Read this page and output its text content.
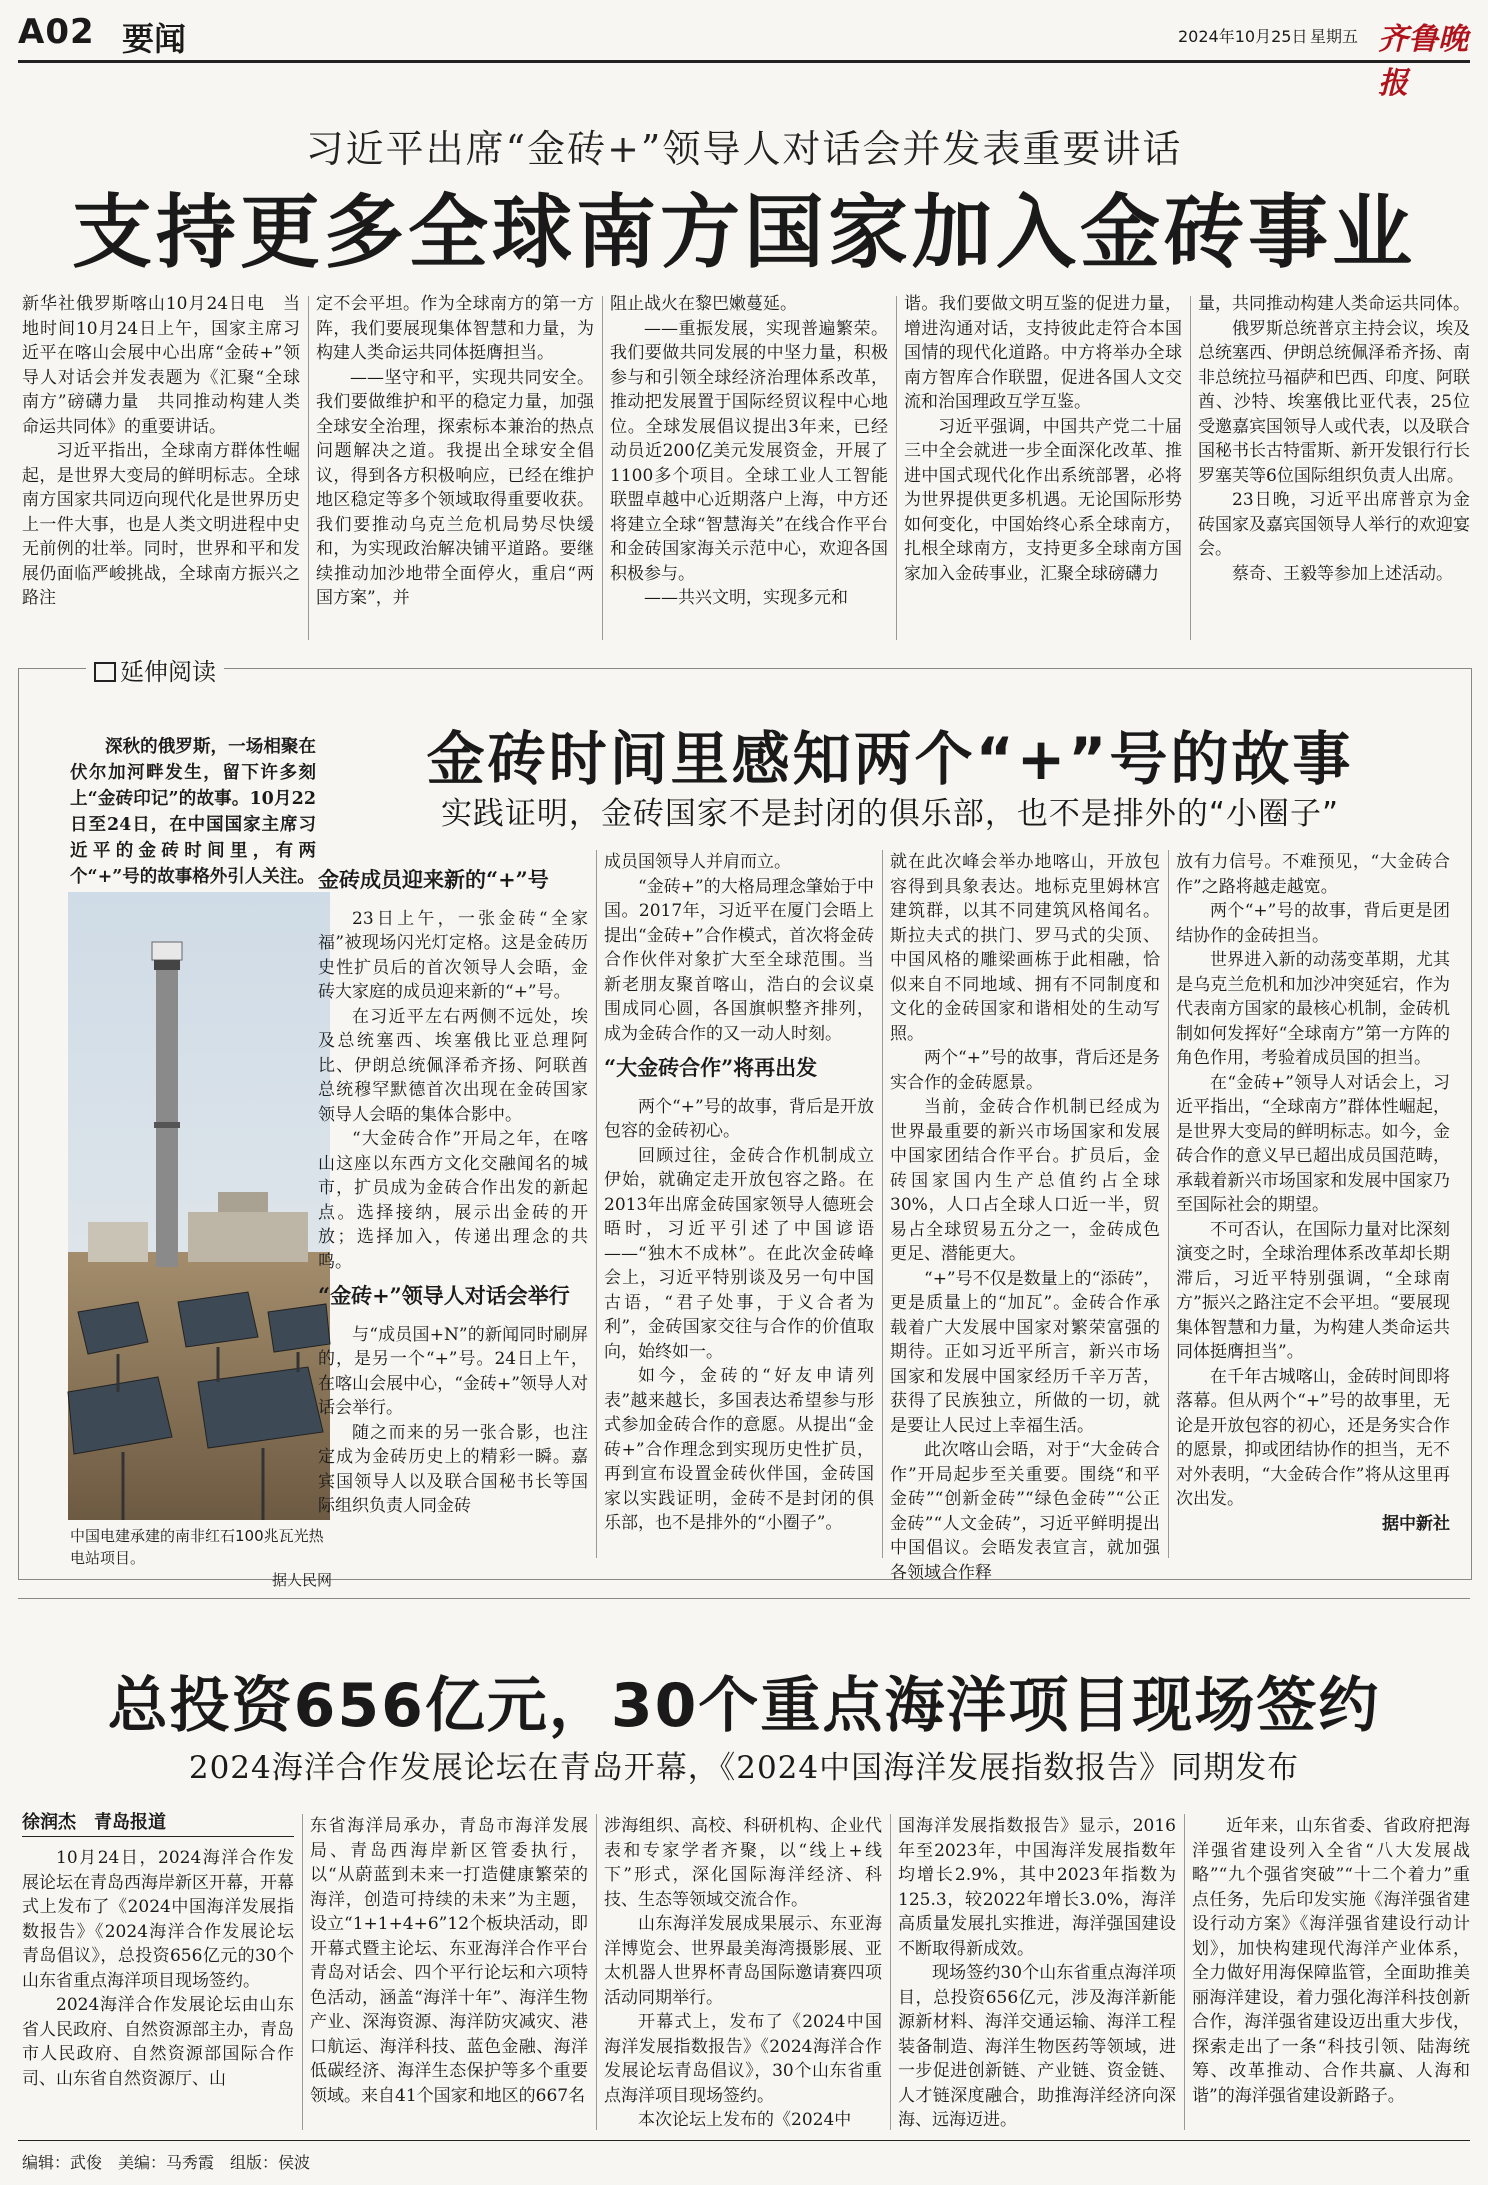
A02 要闻	2024年10月25日 星期五 齐鲁晚报
习近平出席“金砖+”领导人对话会并发表重要讲话
支持更多全球南方国家加入金砖事业

新华社俄罗斯喀山10月24日电　当地时间10月24日上午，国家主席习近平在喀山会展中心出席“金砖+”领导人对话会并发表题为《汇聚“全球南方”磅礴力量　共同推动构建人类命运共同体》的重要讲话。

习近平指出，全球南方群体性崛起，是世界大变局的鲜明标志。全球南方国家共同迈向现代化是世界历史上一件大事，也是人类文明进程中史无前例的壮举。同时，世界和平和发展仍面临严峻挑战，全球南方振兴之路注

定不会平坦。作为全球南方的第一方阵，我们要展现集体智慧和力量，为构建人类命运共同体挺膺担当。

——坚守和平，实现共同安全。我们要做维护和平的稳定力量，加强全球安全治理，探索标本兼治的热点问题解决之道。我提出全球安全倡议，得到各方积极响应，已经在维护地区稳定等多个领域取得重要收获。我们要推动乌克兰危机局势尽快缓和，为实现政治解决铺平道路。要继续推动加沙地带全面停火，重启“两国方案”，并

阻止战火在黎巴嫩蔓延。

——重振发展，实现普遍繁荣。我们要做共同发展的中坚力量，积极参与和引领全球经济治理体系改革，推动把发展置于国际经贸议程中心地位。全球发展倡议提出3年来，已经动员近200亿美元发展资金，开展了1100多个项目。全球工业人工智能联盟卓越中心近期落户上海，中方还将建立全球“智慧海关”在线合作平台和金砖国家海关示范中心，欢迎各国积极参与。

——共兴文明，实现多元和

谐。我们要做文明互鉴的促进力量，增进沟通对话，支持彼此走符合本国国情的现代化道路。中方将举办全球南方智库合作联盟，促进各国人文交流和治国理政互学互鉴。

习近平强调，中国共产党二十届三中全会就进一步全面深化改革、推进中国式现代化作出系统部署，必将为世界提供更多机遇。无论国际形势如何变化，中国始终心系全球南方，扎根全球南方，支持更多全球南方国家加入金砖事业，汇聚全球磅礴力

量，共同推动构建人类命运共同体。

俄罗斯总统普京主持会议，埃及总统塞西、伊朗总统佩泽希齐扬、南非总统拉马福萨和巴西、印度、阿联酋、沙特、埃塞俄比亚代表，25位受邀嘉宾国领导人或代表，以及联合国秘书长古特雷斯、新开发银行行长罗塞芙等6位国际组织负责人出席。

23日晚，习近平出席普京为金砖国家及嘉宾国领导人举行的欢迎宴会。

蔡奇、王毅等参加上述活动。

延伸阅读
金砖时间里感知两个“+”号的故事
实践证明，金砖国家不是封闭的俱乐部，也不是排外的“小圈子”
深秋的俄罗斯，一场相聚在伏尔加河畔发生，留下许多刻上“金砖印记”的故事。10月22日至24日，在中国国家主席习近平的金砖时间里，有两个“+”号的故事格外引人关注。
中国电建承建的南非红石100兆瓦光热电站项目。
据人民网

金砖成员迎来新的“+”号

23日上午，一张金砖“全家福”被现场闪光灯定格。这是金砖历史性扩员后的首次领导人会晤，金砖大家庭的成员迎来新的“+”号。

在习近平左右两侧不远处，埃及总统塞西、埃塞俄比亚总理阿比、伊朗总统佩泽希齐扬、阿联酋总统穆罕默德首次出现在金砖国家领导人会晤的集体合影中。

“大金砖合作”开局之年，在喀山这座以东西方文化交融闻名的城市，扩员成为金砖合作出发的新起点。选择接纳，展示出金砖的开放；选择加入，传递出理念的共鸣。

“金砖+”领导人对话会举行

与“成员国+N”的新闻同时刷屏的，是另一个“+”号。24日上午，在喀山会展中心，“金砖+”领导人对话会举行。

随之而来的另一张合影，也注定成为金砖历史上的精彩一瞬。嘉宾国领导人以及联合国秘书长等国际组织负责人同金砖

成员国领导人并肩而立。

“金砖+”的大格局理念肇始于中国。2017年，习近平在厦门会晤上提出“金砖+”合作模式，首次将金砖合作伙伴对象扩大至全球范围。当新老朋友聚首喀山，浩白的会议桌围成同心圆，各国旗帜整齐排列，成为金砖合作的又一动人时刻。

“大金砖合作”将再出发

两个“+”号的故事，背后是开放包容的金砖初心。

回顾过往，金砖合作机制成立伊始，就确定走开放包容之路。在2013年出席金砖国家领导人德班会晤时，习近平引述了中国谚语——“独木不成林”。在此次金砖峰会上，习近平特别谈及另一句中国古语，“君子处事，于义合者为利”，金砖国家交往与合作的价值取向，始终如一。

如今，金砖的“好友申请列表”越来越长，多国表达希望参与形式参加金砖合作的意愿。从提出“金砖+”合作理念到实现历史性扩员，再到宣布设置金砖伙伴国，金砖国家以实践证明，金砖不是封闭的俱乐部，也不是排外的“小圈子”。

就在此次峰会举办地喀山，开放包容得到具象表达。地标克里姆林宫建筑群，以其不同建筑风格闻名。斯拉夫式的拱门、罗马式的尖顶、中国风格的雕梁画栋于此相融，恰似来自不同地域、拥有不同制度和文化的金砖国家和谐相处的生动写照。

两个“+”号的故事，背后还是务实合作的金砖愿景。

当前，金砖合作机制已经成为世界最重要的新兴市场国家和发展中国家团结合作平台。扩员后，金砖国家国内生产总值约占全球30%，人口占全球人口近一半，贸易占全球贸易五分之一，金砖成色更足、潜能更大。

“+”号不仅是数量上的“添砖”，更是质量上的“加瓦”。金砖合作承载着广大发展中国家对繁荣富强的期待。正如习近平所言，新兴市场国家和发展中国家经历千辛万苦，获得了民族独立，所做的一切，就是要让人民过上幸福生活。

此次喀山会晤，对于“大金砖合作”开局起步至关重要。围绕“和平金砖”“创新金砖”“绿色金砖”“公正金砖”“人文金砖”，习近平鲜明提出中国倡议。会晤发表宣言，就加强各领域合作释

放有力信号。不难预见，“大金砖合作”之路将越走越宽。

两个“+”号的故事，背后更是团结协作的金砖担当。

世界进入新的动荡变革期，尤其是乌克兰危机和加沙冲突延宕，作为代表南方国家的最核心机制，金砖机制如何发挥好“全球南方”第一方阵的角色作用，考验着成员国的担当。

在“金砖+”领导人对话会上，习近平指出，“全球南方”群体性崛起，是世界大变局的鲜明标志。如今，金砖合作的意义早已超出成员国范畴，承载着新兴市场国家和发展中国家乃至国际社会的期望。

不可否认，在国际力量对比深刻演变之时，全球治理体系改革却长期滞后，习近平特别强调，“全球南方”振兴之路注定不会平坦。“要展现集体智慧和力量，为构建人类命运共同体挺膺担当”。

在千年古城喀山，金砖时间即将落幕。但从两个“+”号的故事里，无论是开放包容的初心，还是务实合作的愿景，抑或团结协作的担当，无不对外表明，“大金砖合作”将从这里再次出发。

据中新社

总投资656亿元，30个重点海洋项目现场签约
2024海洋合作发展论坛在青岛开幕，《2024中国海洋发展指数报告》同期发布
徐润杰　青岛报道

10月24日，2024海洋合作发展论坛在青岛西海岸新区开幕，开幕式上发布了《2024中国海洋发展指数报告》《2024海洋合作发展论坛青岛倡议》，总投资656亿元的30个山东省重点海洋项目现场签约。

2024海洋合作发展论坛由山东省人民政府、自然资源部主办，青岛市人民政府、自然资源部国际合作司、山东省自然资源厅、山

东省海洋局承办，青岛市海洋发展局、青岛西海岸新区管委执行，以“从蔚蓝到未来一打造健康繁荣的海洋，创造可持续的未来”为主题，设立“1+1+4+6”12个板块活动，即开幕式暨主论坛、东亚海洋合作平台青岛对话会、四个平行论坛和六项特色活动，涵盖“海洋十年”、海洋生物产业、深海资源、海洋防灾减灾、港口航运、海洋科技、蓝色金融、海洋低碳经济、海洋生态保护等多个重要领域。来自41个国家和地区的667名

涉海组织、高校、科研机构、企业代表和专家学者齐聚，以“线上+线下”形式，深化国际海洋经济、科技、生态等领域交流合作。

山东海洋发展成果展示、东亚海洋博览会、世界最美海湾摄影展、亚太机器人世界杯青岛国际邀请赛四项活动同期举行。

开幕式上，发布了《2024中国海洋发展指数报告》《2024海洋合作发展论坛青岛倡议》，30个山东省重点海洋项目现场签约。

本次论坛上发布的《2024中

国海洋发展指数报告》显示，2016年至2023年，中国海洋发展指数年均增长2.9%，其中2023年指数为125.3，较2022年增长3.0%，海洋高质量发展扎实推进，海洋强国建设不断取得新成效。

现场签约30个山东省重点海洋项目，总投资656亿元，涉及海洋新能源新材料、海洋交通运输、海洋工程装备制造、海洋生物医药等领域，进一步促进创新链、产业链、资金链、人才链深度融合，助推海洋经济向深海、远海迈进。

近年来，山东省委、省政府把海洋强省建设列入全省“八大发展战略”“九个强省突破”“十二个着力”重点任务，先后印发实施《海洋强省建设行动方案》《海洋强省建设行动计划》，加快构建现代海洋产业体系，全力做好用海保障监管，全面助推美丽海洋建设，着力强化海洋科技创新合作，海洋强省建设迈出重大步伐，探索走出了一条“科技引领、陆海统筹、改革推动、合作共赢、人海和谐”的海洋强省建设新路子。

编辑：武俊　美编：马秀霞　组版：侯波
